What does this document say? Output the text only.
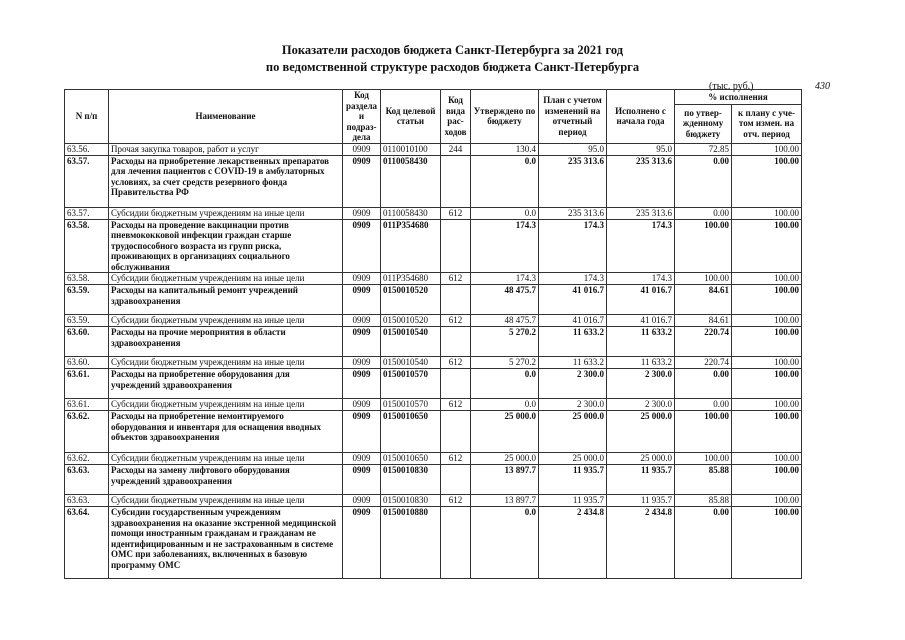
Показатели расходов бюджета Санкт-Петербурга за 2021 год
по ведомственной структуре расходов бюджета Санкт-Петербурга
(тыс. руб.)	430
N п/п	Наименование	Код раздела и подраз-дела	Код целевой статьи	Код вида рас-ходов	Утверждено по бюджету	План с учетом изменений на отчетный период	Исполнено с начала года	% исполнения	
								по утвер-жденному бюджету	к плану с уче-том измен. на отч. период
63.56.	Прочая закупка товаров, работ и услуг	0909	0110010100	244	130.4	95.0	95.0	72.85	100.00
63.57.	Расходы на приобретение лекарственных препаратов для лечения пациентов с COVID-19 в амбулаторных условиях, за счет средств резервного фонда Правительства РФ	0909	0110058430		0.0	235 313.6	235 313.6	0.00	100.00
63.57.	Субсидии бюджетным учреждениям на иные цели	0909	0110058430	612	0.0	235 313.6	235 313.6	0.00	100.00
63.58.	Расходы на проведение вакцинации против пневмококковой инфекции граждан старше трудоспособного возраста из групп риска, проживающих в организациях социального обслуживания	0909	011P354680		174.3	174.3	174.3	100.00	100.00
63.58.	Субсидии бюджетным учреждениям на иные цели	0909	011P354680	612	174.3	174.3	174.3	100.00	100.00
63.59.	Расходы на капитальный ремонт учреждений здравоохранения	0909	0150010520		48 475.7	41 016.7	41 016.7	84.61	100.00
63.59.	Субсидии бюджетным учреждениям на иные цели	0909	0150010520	612	48 475.7	41 016.7	41 016.7	84.61	100.00
63.60.	Расходы на прочие мероприятия в области здравоохранения	0909	0150010540		5 270.2	11 633.2	11 633.2	220.74	100.00
63.60.	Субсидии бюджетным учреждениям на иные цели	0909	0150010540	612	5 270.2	11 633.2	11 633.2	220.74	100.00
63.61.	Расходы на приобретение оборудования для учреждений здравоохранения	0909	0150010570		0.0	2 300.0	2 300.0	0.00	100.00
63.61.	Субсидии бюджетным учреждениям на иные цели	0909	0150010570	612	0.0	2 300.0	2 300.0	0.00	100.00
63.62.	Расходы на приобретение немонтируемого оборудования и инвентаря для оснащения вводных объектов здравоохранения	0909	0150010650		25 000.0	25 000.0	25 000.0	100.00	100.00
63.62.	Субсидии бюджетным учреждениям на иные цели	0909	0150010650	612	25 000.0	25 000.0	25 000.0	100.00	100.00
63.63.	Расходы на замену лифтового оборудования учреждений здравоохранения	0909	0150010830		13 897.7	11 935.7	11 935.7	85.88	100.00
63.63.	Субсидии бюджетным учреждениям на иные цели	0909	0150010830	612	13 897.7	11 935.7	11 935.7	85.88	100.00
63.64.	Субсидии государственным учреждениям здравоохранения на оказание экстренной медицинской помощи иностранным гражданам и гражданам не идентифицированным и не застрахованным в системе ОМС при заболеваниях, включенных в базовую программу ОМС	0909	0150010880		0.0	2 434.8	2 434.8	0.00	100.00
